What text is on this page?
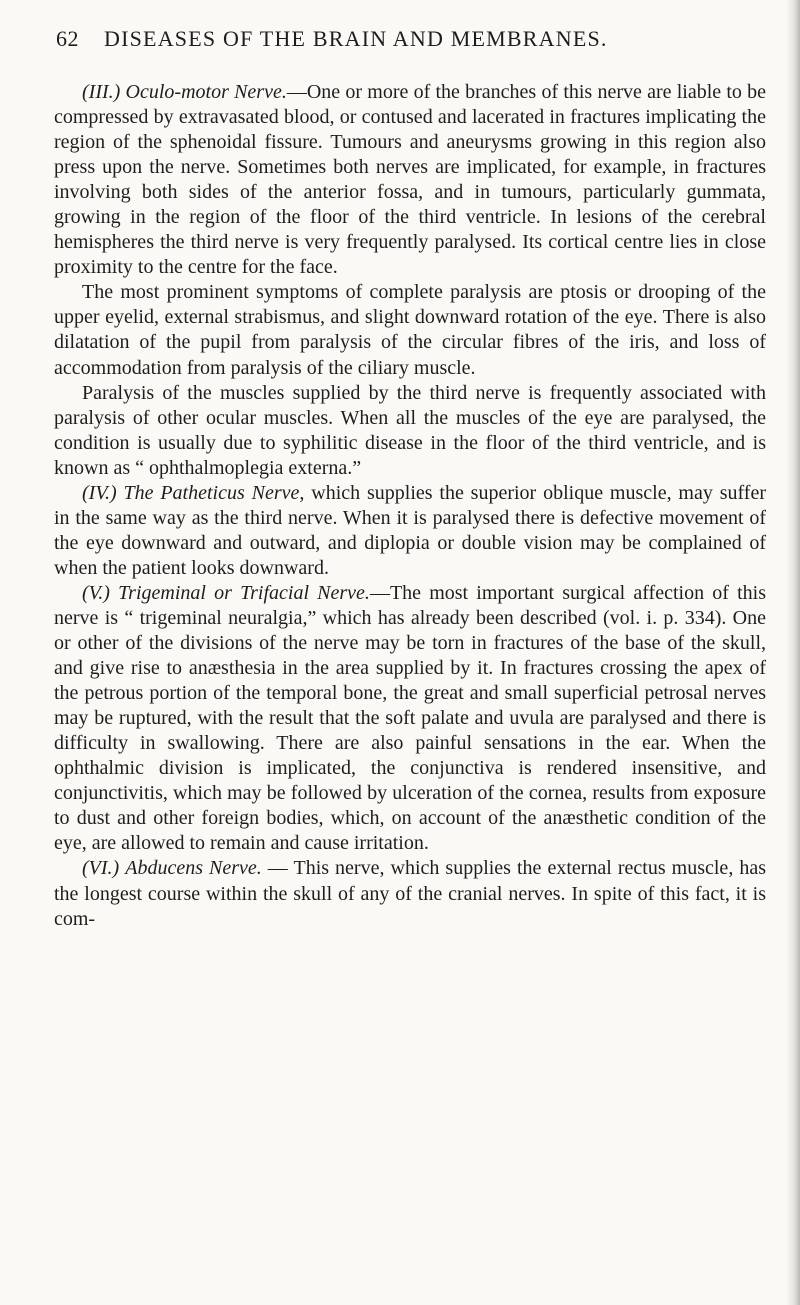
62 DISEASES OF THE BRAIN AND MEMBRANES.

(III.) Oculo-motor Nerve.—One or more of the branches of this nerve are liable to be compressed by extravasated blood, or contused and lacerated in fractures implicating the region of the sphenoidal fissure. Tumours and aneurysms growing in this region also press upon the nerve. Sometimes both nerves are implicated, for example, in fractures involving both sides of the anterior fossa, and in tumours, particularly gummata, growing in the region of the floor of the third ventricle. In lesions of the cerebral hemispheres the third nerve is very frequently paralysed. Its cortical centre lies in close proximity to the centre for the face.

The most prominent symptoms of complete paralysis are ptosis or drooping of the upper eyelid, external strabismus, and slight downward rotation of the eye. There is also dilatation of the pupil from paralysis of the circular fibres of the iris, and loss of accommodation from paralysis of the ciliary muscle.

Paralysis of the muscles supplied by the third nerve is frequently associated with paralysis of other ocular muscles. When all the muscles of the eye are paralysed, the condition is usually due to syphilitic disease in the floor of the third ventricle, and is known as “ ophthalmoplegia externa.”

(IV.) The Patheticus Nerve, which supplies the superior oblique muscle, may suffer in the same way as the third nerve. When it is paralysed there is defective movement of the eye downward and outward, and diplopia or double vision may be complained of when the patient looks downward.

(V.) Trigeminal or Trifacial Nerve.—The most important surgical affection of this nerve is “ trigeminal neuralgia,” which has already been described (vol. i. p. 334). One or other of the divisions of the nerve may be torn in fractures of the base of the skull, and give rise to anæsthesia in the area supplied by it. In fractures crossing the apex of the petrous portion of the temporal bone, the great and small superficial petrosal nerves may be ruptured, with the result that the soft palate and uvula are paralysed and there is difficulty in swallowing. There are also painful sensations in the ear. When the ophthalmic division is implicated, the conjunctiva is rendered insensitive, and conjunctivitis, which may be followed by ulceration of the cornea, results from exposure to dust and other foreign bodies, which, on account of the anæsthetic condition of the eye, are allowed to remain and cause irritation.

(VI.) Abducens Nerve. — This nerve, which supplies the external rectus muscle, has the longest course within the skull of any of the cranial nerves. In spite of this fact, it is com-
